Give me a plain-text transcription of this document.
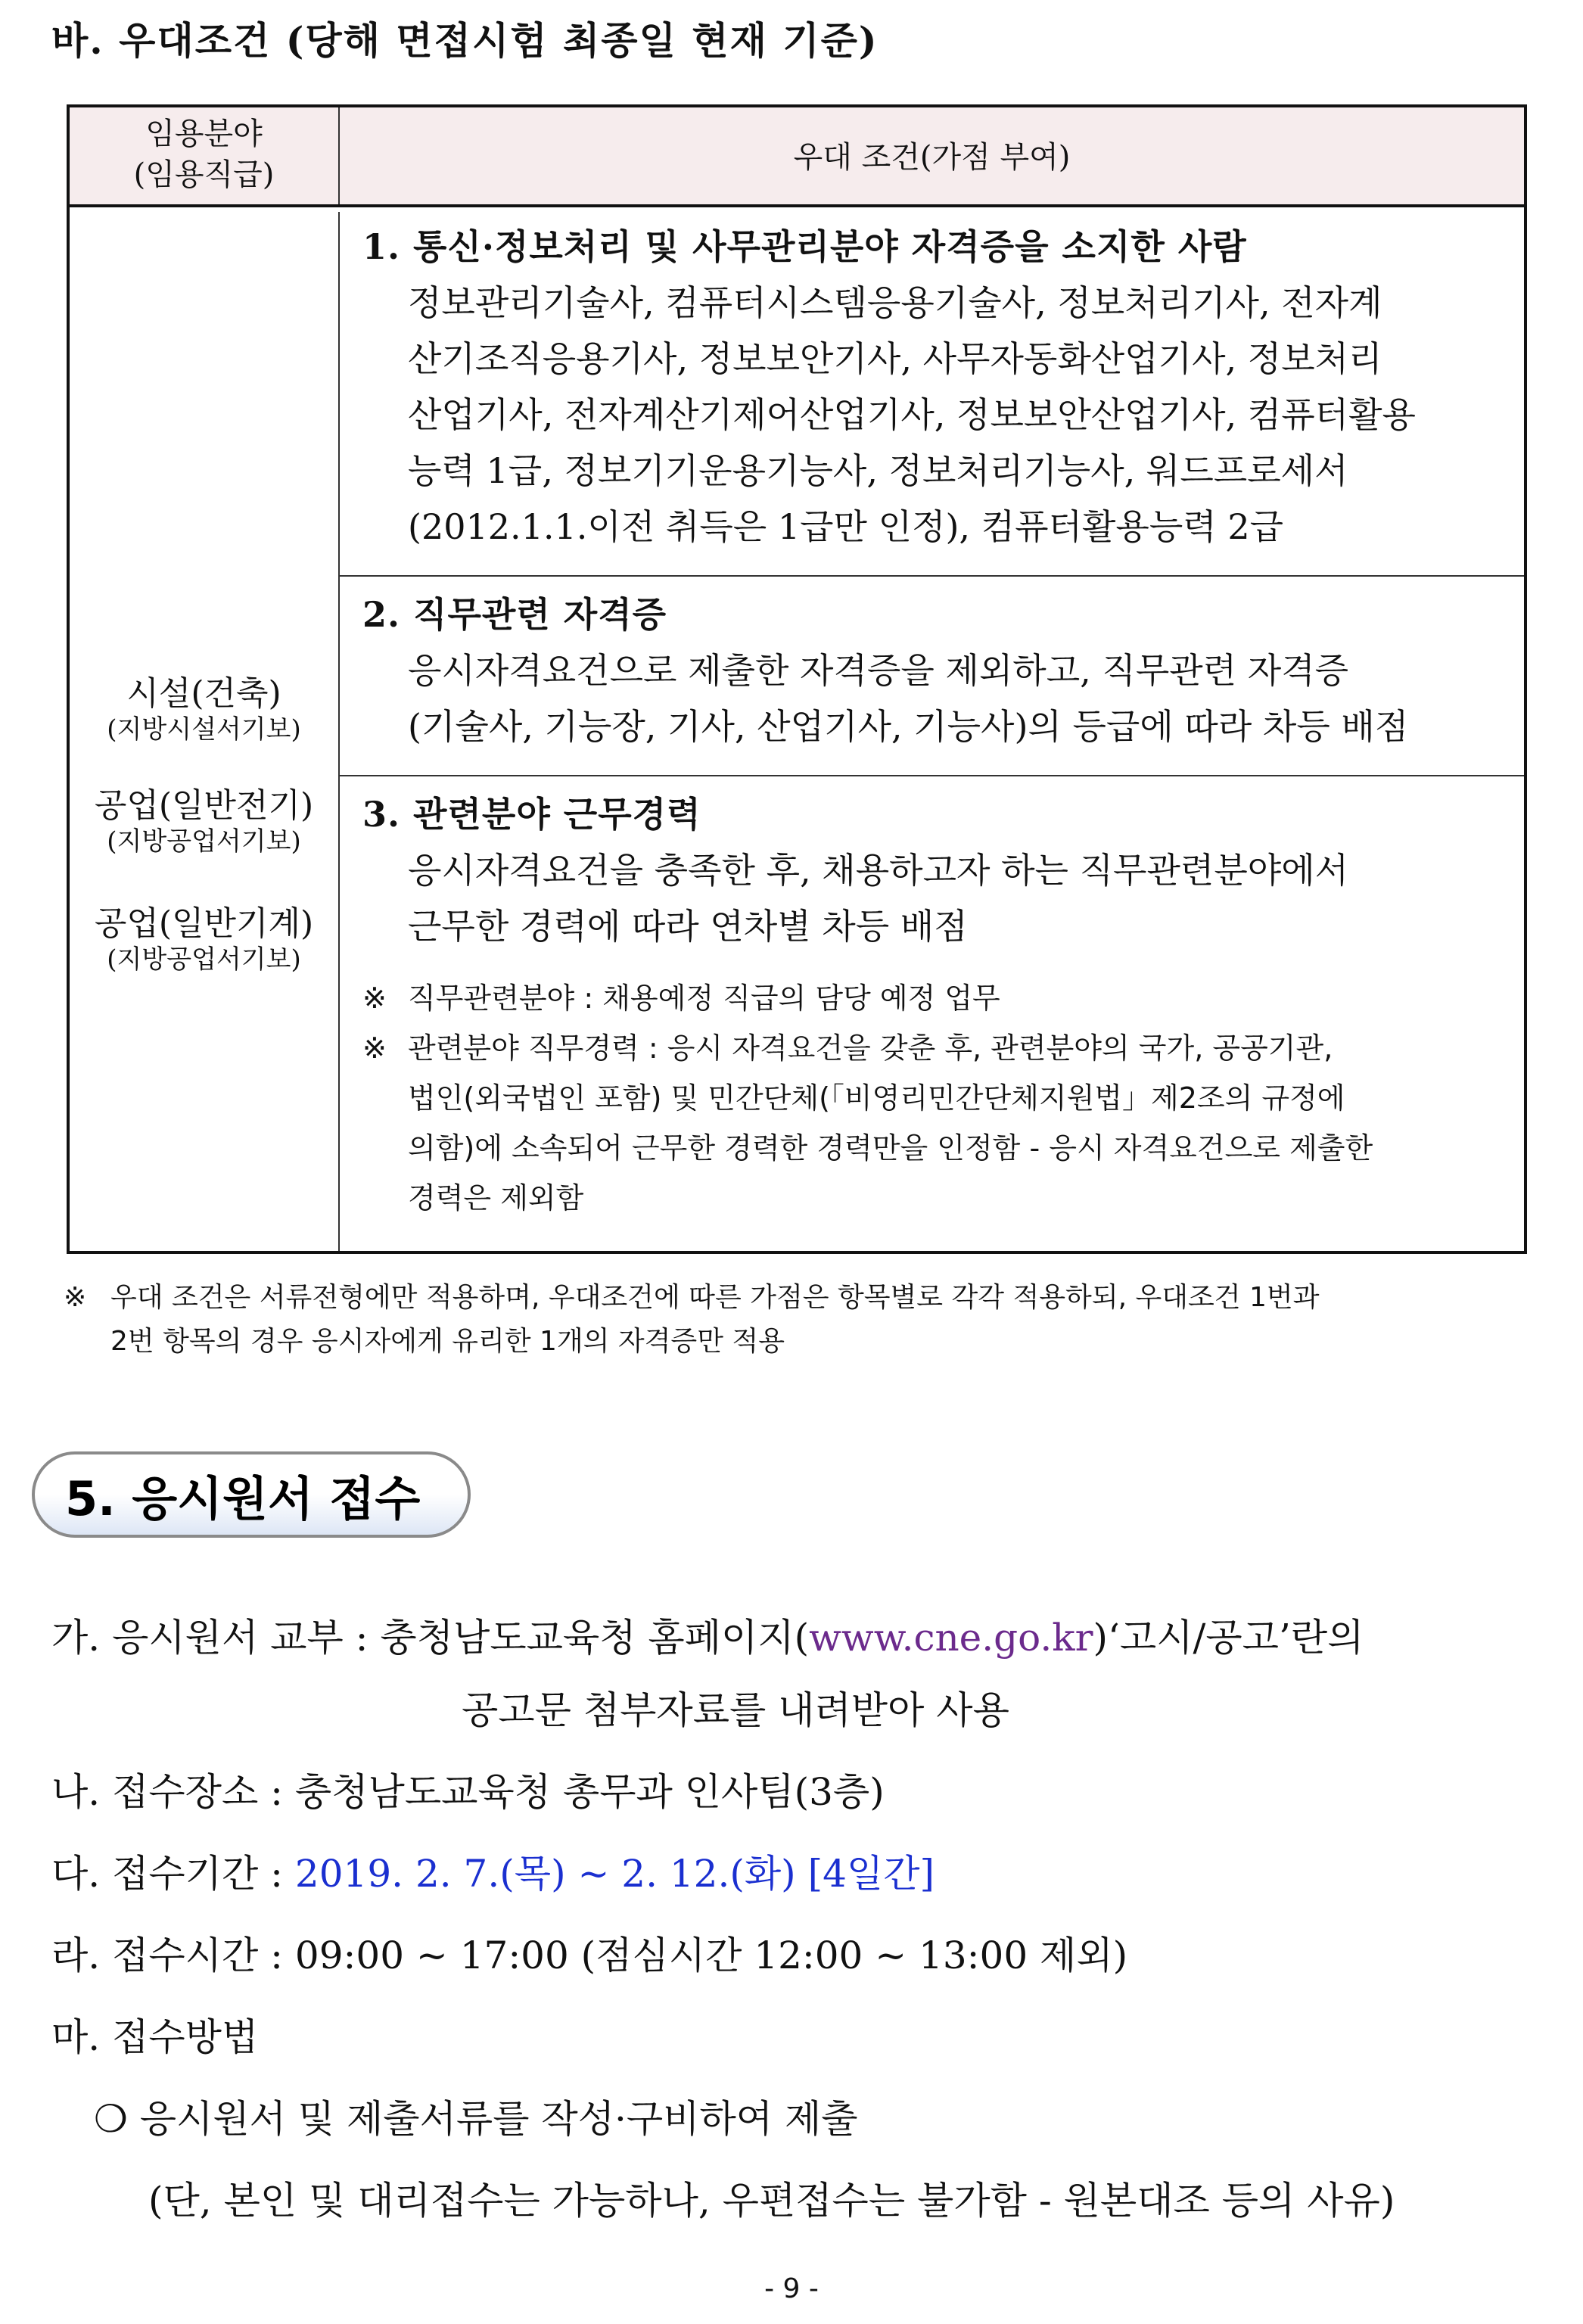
바. 우대조건 (당해 면접시험 최종일 현재 기준)
임용분야
(임용직급)
우대 조건(가점 부여)
시설(건축)
(지방시설서기보)
공업(일반전기)
(지방공업서기보)
공업(일반기계)
(지방공업서기보)
1. 통신·정보처리 및 사무관리분야 자격증을 소지한 사람
정보관리기술사, 컴퓨터시스템응용기술사, 정보처리기사, 전자계
산기조직응용기사, 정보보안기사, 사무자동화산업기사, 정보처리
산업기사, 전자계산기제어산업기사, 정보보안산업기사, 컴퓨터활용
능력 1급, 정보기기운용기능사, 정보처리기능사, 워드프로세서
(2012.1.1.이전 취득은 1급만 인정), 컴퓨터활용능력 2급
2. 직무관련 자격증
응시자격요건으로 제출한 자격증을 제외하고, 직무관련 자격증
(기술사, 기능장, 기사, 산업기사, 기능사)의 등급에 따라 차등 배점
3. 관련분야 근무경력
응시자격요건을 충족한 후, 채용하고자 하는 직무관련분야에서
근무한 경력에 따라 연차별 차등 배점
※ 직무관련분야 : 채용예정 직급의 담당 예정 업무
※ 관련분야 직무경력 : 응시 자격요건을 갖춘 후, 관련분야의 국가, 공공기관,
법인(외국법인 포함) 및 민간단체(「비영리민간단체지원법」제2조의 규정에
의함)에 소속되어 근무한 경력한 경력만을 인정함 - 응시 자격요건으로 제출한
경력은 제외함
※ 우대 조건은 서류전형에만 적용하며, 우대조건에 따른 가점은 항목별로 각각 적용하되, 우대조건 1번과
2번 항목의 경우 응시자에게 유리한 1개의 자격증만 적용
5. 응시원서 접수
가. 응시원서 교부 : 충청남도교육청 홈페이지(www.cne.go.kr)‘고시/공고’란의
공고문 첨부자료를 내려받아 사용
나. 접수장소 : 충청남도교육청 총무과 인사팀(3층)
다. 접수기간 : 2019. 2. 7.(목) ~ 2. 12.(화) [4일간]
라. 접수시간 : 09:00 ~ 17:00 (점심시간 12:00 ~ 13:00 제외)
마. 접수방법
❍ 응시원서 및 제출서류를 작성·구비하여 제출
(단, 본인 및 대리접수는 가능하나, 우편접수는 불가함 - 원본대조 등의 사유)
- 9 -
